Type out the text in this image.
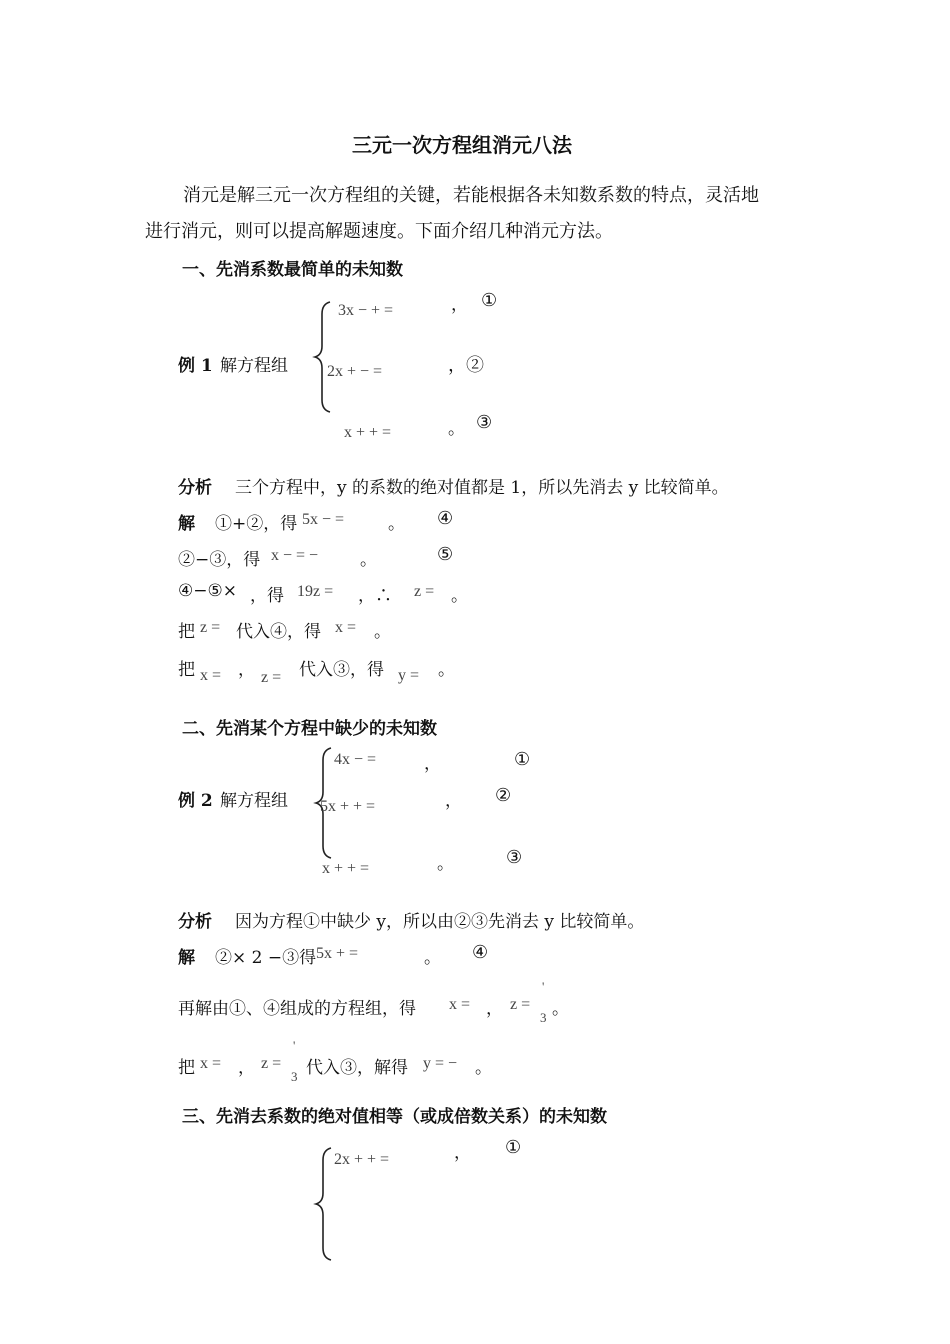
三元一次方程组消元八法
消元是解三元一次方程组的关键，若能根据各未知数系数的特点，灵活地
进行消元，则可以提高解题速度。下面介绍几种消元方法。
一、先消系数最简单的未知数
3x − + =	， ①
例 1 解方程组 2x + − =	，②
x + + =	。 ③
分析 三个方程中，y 的系数的绝对值都是 1，所以先消去 y 比较简单。
解 ①+②，得 5x − =	。 ④
②−③，得 x − = − 。	⑤
④−⑤× ，得 19z = ，∴ z = 。
把 z = 代入④，得 x = 。
把 x = ， z = 代入③，得 y = 。
二、先消某个方程中缺少的未知数
4x − =	，	①
例 2 解方程组 5x + + =	， ②
x + + =	。	③
分析 因为方程①中缺少 y，所以由②③先消去 y 比较简单。
解 ②× 2 −③得 5x + =	。 ④
再解由①、④组成的方程组，得 x = ， z =
'
3 。
把 x = ， z =
'
3 代入③，解得 y = − 。
三、先消去系数的绝对值相等（或成倍数关系）的未知数
2x + + =	， ①
